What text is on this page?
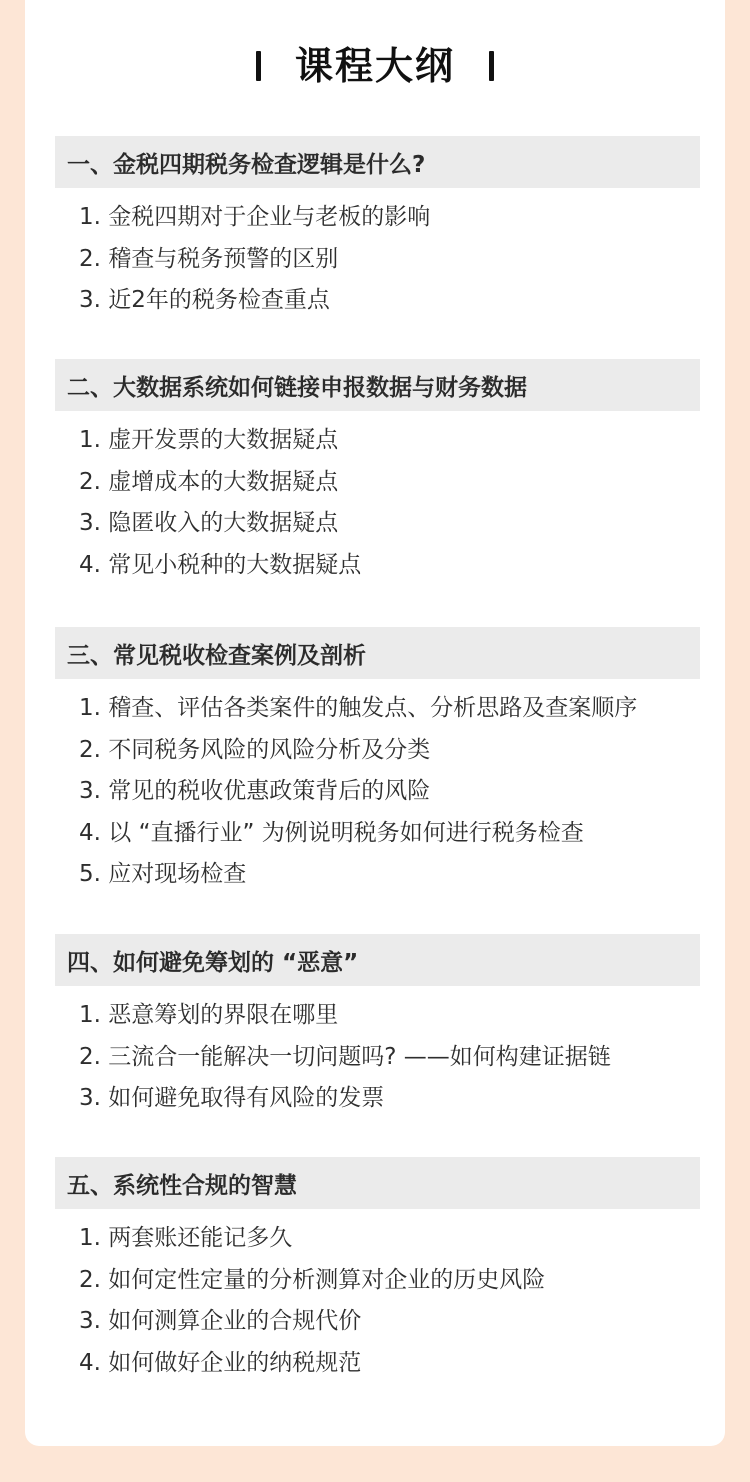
课程大纲
一、金税四期税务检查逻辑是什么?
1. 金税四期对于企业与老板的影响
2. 稽查与税务预警的区别
3. 近2年的税务检查重点
二、大数据系统如何链接申报数据与财务数据
1. 虚开发票的大数据疑点
2. 虚增成本的大数据疑点
3. 隐匿收入的大数据疑点
4. 常见小税种的大数据疑点
三、常见税收检查案例及剖析
1. 稽查、评估各类案件的触发点、分析思路及查案顺序
2. 不同税务风险的风险分析及分类
3. 常见的税收优惠政策背后的风险
4. 以 “直播行业” 为例说明税务如何进行税务检查
5. 应对现场检查
四、如何避免筹划的 “恶意”
1. 恶意筹划的界限在哪里
2. 三流合一能解决一切问题吗? ——如何构建证据链
3. 如何避免取得有风险的发票
五、系统性合规的智慧
1. 两套账还能记多久
2. 如何定性定量的分析测算对企业的历史风险
3. 如何测算企业的合规代价
4. 如何做好企业的纳税规范
